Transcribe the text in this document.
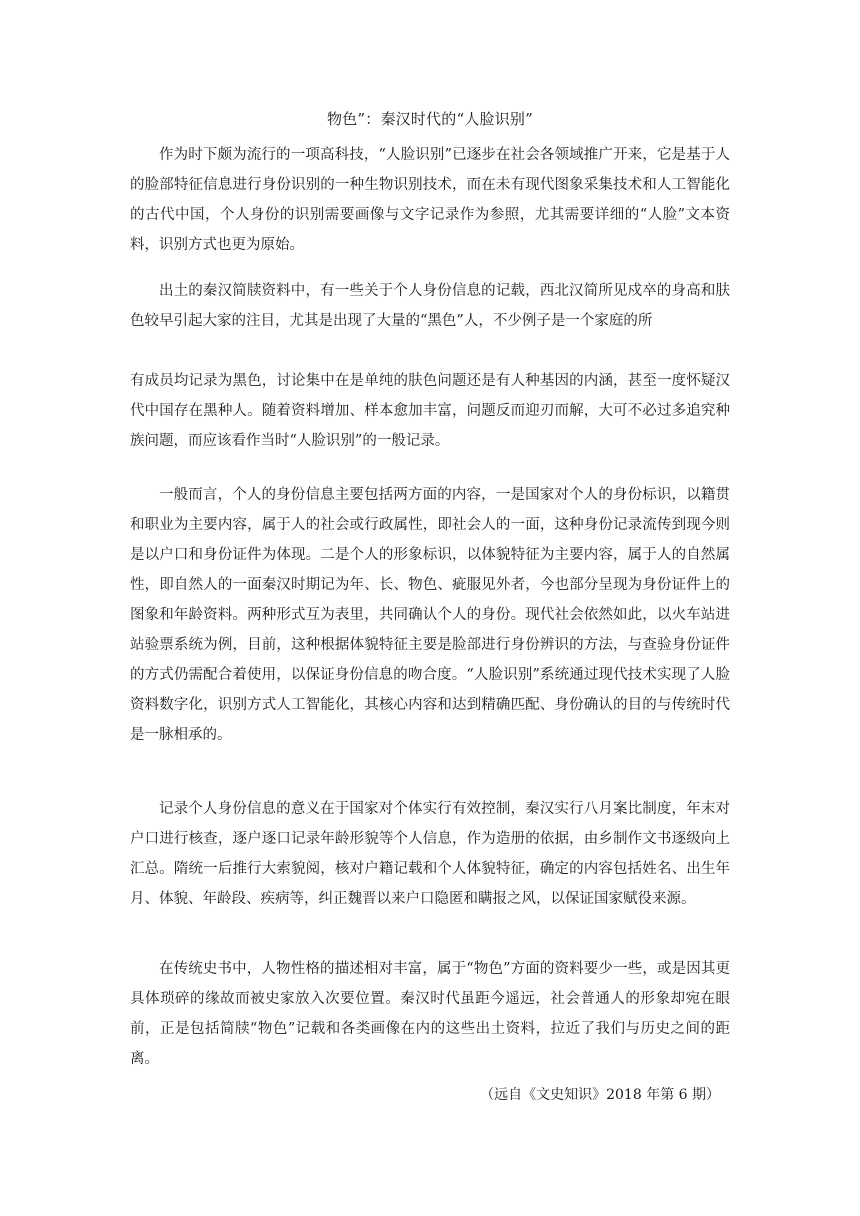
物色”：秦汉时代的“人脸识别”

作为时下颇为流行的一项高科技，“人脸识别”已逐步在社会各领域推广开来，它是基于人的脸部特征信息进行身份识别的一种生物识别技术，而在未有现代图象采集技术和人工智能化的古代中国，个人身份的识别需要画像与文字记录作为参照，尤其需要详细的“人脸”文本资料，识别方式也更为原始。

出土的秦汉简牍资料中，有一些关于个人身份信息的记载，西北汉简所见戍卒的身高和肤色较早引起大家的注目，尤其是出现了大量的“黑色”人，不少例子是一个家庭的所

有成员均记录为黑色，讨论集中在是单纯的肤色问题还是有人种基因的内涵，甚至一度怀疑汉代中国存在黑种人。随着资料增加、样本愈加丰富，问题反而迎刃而解，大可不必过多追究种族问题，而应该看作当时“人脸识别”的一般记录。

一般而言，个人的身份信息主要包括两方面的内容，一是国家对个人的身份标识，以籍贯和职业为主要内容，属于人的社会或行政属性，即社会人的一面，这种身份记录流传到现今则是以户口和身份证件为体现。二是个人的形象标识，以体貌特征为主要内容，属于人的自然属性，即自然人的一面秦汉时期记为年、长、物色、疵服见外者，今也部分呈现为身份证件上的图象和年龄资料。两种形式互为表里，共同确认个人的身份。现代社会依然如此，以火车站进站验票系统为例，目前，这种根据体貌特征主要是脸部进行身份辨识的方法，与查验身份证件的方式仍需配合着使用，以保证身份信息的吻合度。“人脸识别”系统通过现代技术实现了人脸资料数字化，识别方式人工智能化，其核心内容和达到精确匹配、身份确认的目的与传统时代是一脉相承的。

记录个人身份信息的意义在于国家对个体实行有效控制，秦汉实行八月案比制度，年末对户口进行核查，逐户逐口记录年龄形貌等个人信息，作为造册的依据，由乡制作文书逐级向上汇总。隋统一后推行大索貌阅，核对户籍记载和个人体貌特征，确定的内容包括姓名、出生年月、体貌、年龄段、疾病等，纠正魏晋以来户口隐匿和瞒报之风，以保证国家赋役来源。

在传统史书中，人物性格的描述相对丰富，属于“物色”方面的资料要少一些，或是因其更具体琐碎的缘故而被史家放入次要位置。秦汉时代虽距今遥远，社会普通人的形象却宛在眼前，正是包括简牍“物色”记载和各类画像在内的这些出土资料，拉近了我们与历史之间的距离。

（远自《文史知识》2018 年第 6 期）
